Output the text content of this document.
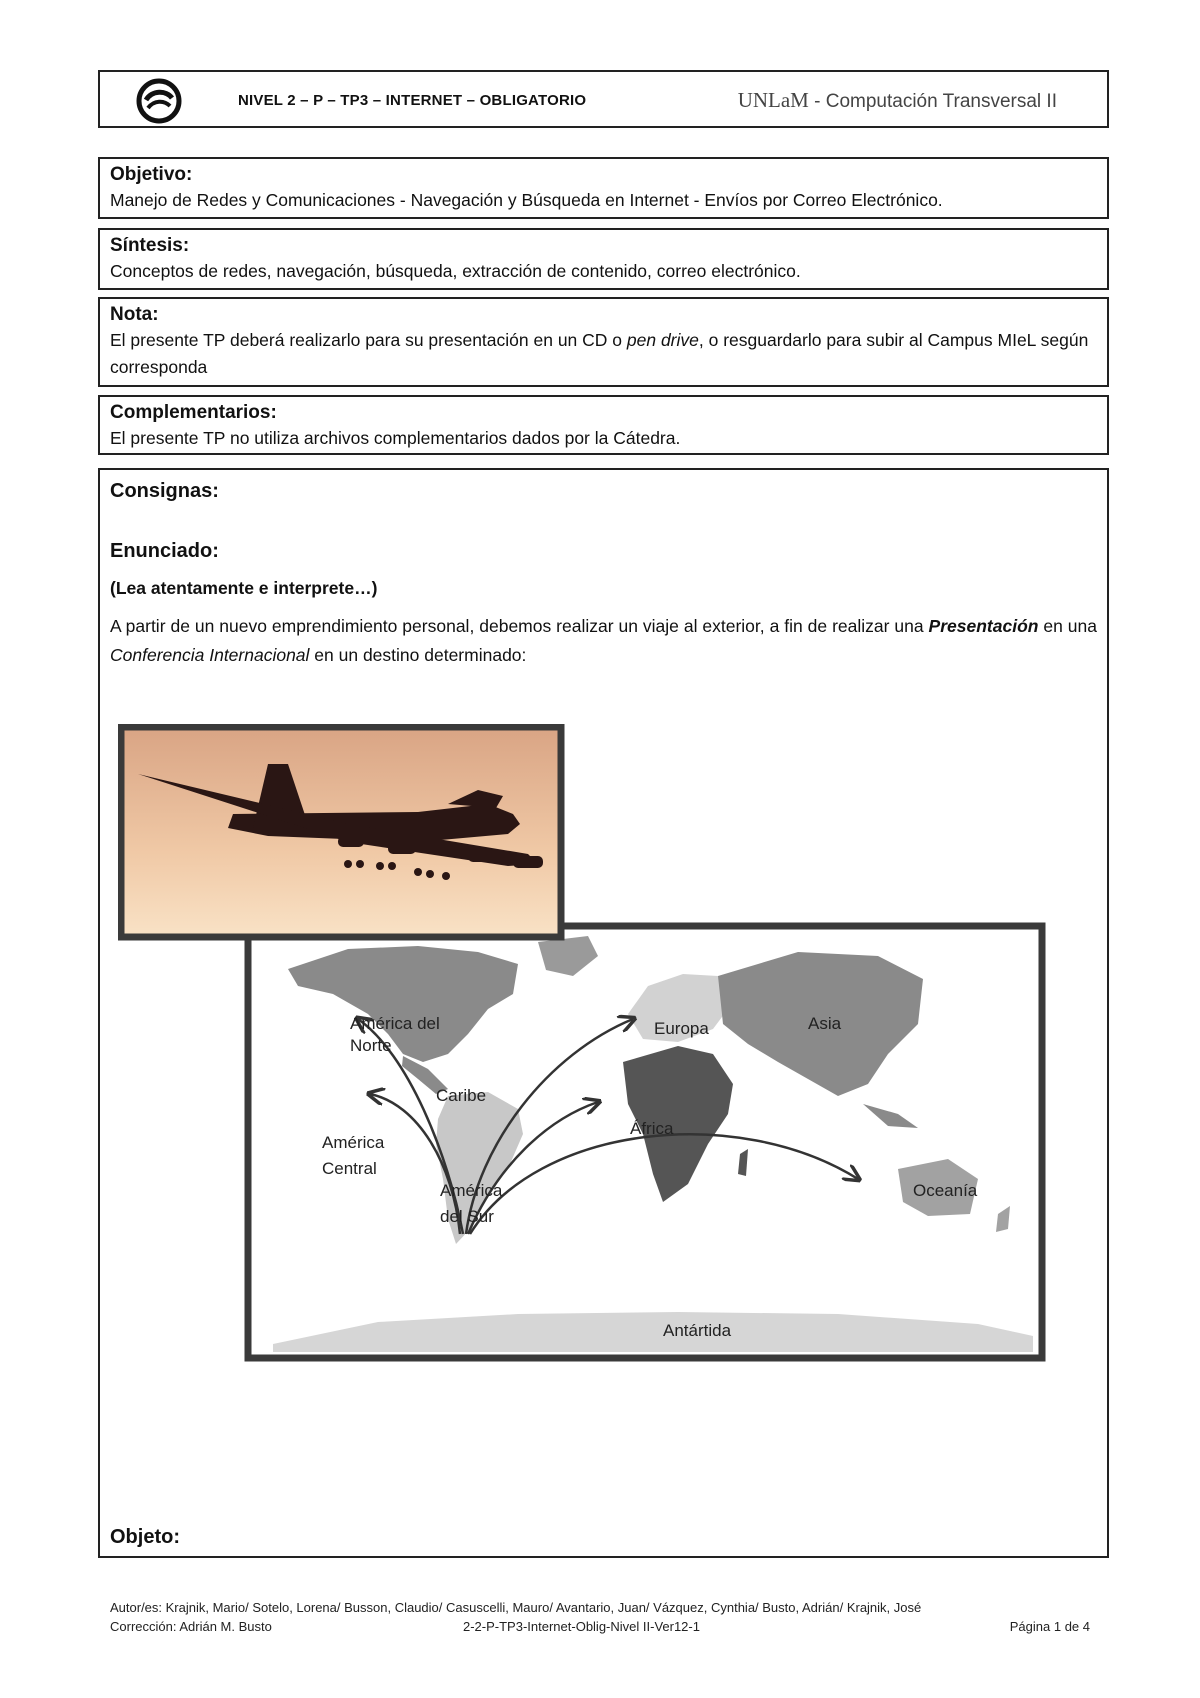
NIVEL 2 – P – TP3 – INTERNET – OBLIGATORIO	UNLaM - Computación Transversal II
Objetivo:

Manejo de Redes y Comunicaciones - Navegación y Búsqueda en Internet - Envíos por Correo Electrónico.

Síntesis:

Conceptos de redes, navegación, búsqueda, extracción de contenido, correo electrónico.

Nota:

El presente TP deberá realizarlo para su presentación en un CD o pen drive, o resguardarlo para subir al Campus MIeL según corresponda

Complementarios:

El presente TP no utiliza archivos complementarios dados por la Cátedra.

Consignas:
Enunciado:
(Lea atentamente e interprete…)
A partir de un nuevo emprendimiento personal, debemos realizar un viaje al exterior, a fin de realizar una Presentación en una Conferencia Internacional en un destino determinado:
Objeto:
América del
Norte
Caribe
América
Central
América
del Sur
Europa	Asia
África
Oceanía
Antártida
Autor/es: Krajnik, Mario/ Sotelo, Lorena/ Busson, Claudio/ Casuscelli, Mauro/ Avantario, Juan/ Vázquez, Cynthia/ Busto, Adrián/ Krajnik, José
Corrección: Adrián M. Busto	2-2-P-TP3-Internet-Oblig-Nivel II-Ver12-1	Página 1 de 4
